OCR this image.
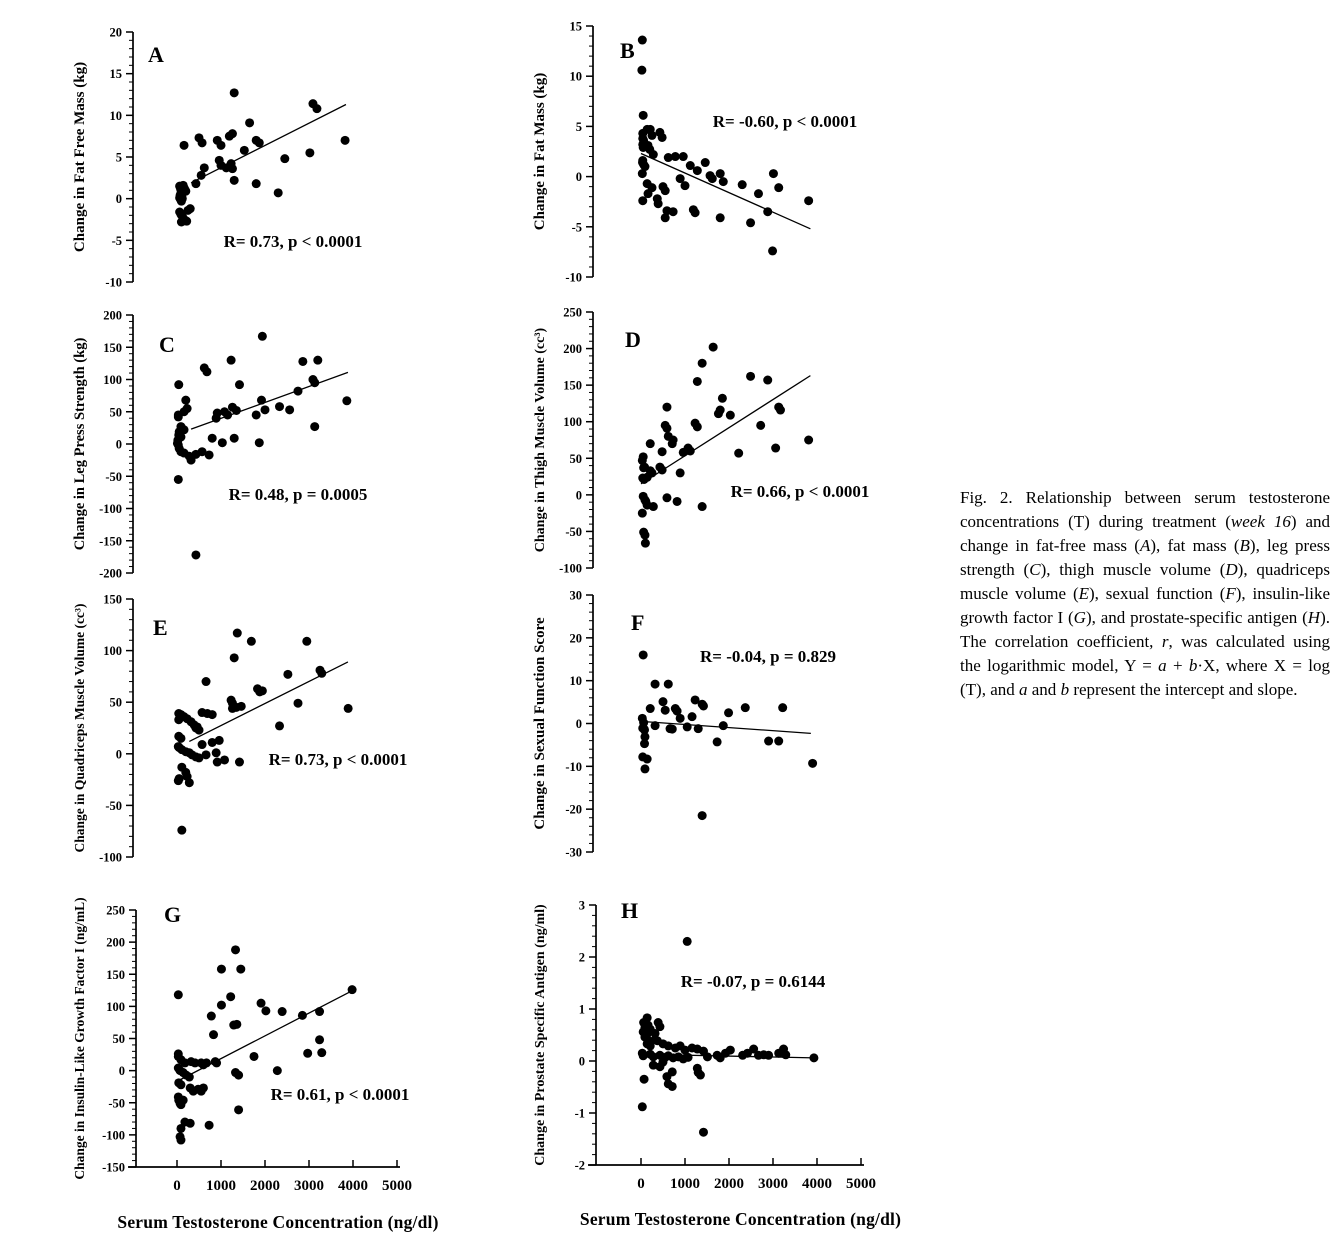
20
15
10
5
0
-5
-10
A
R= 0.73, p < 0.0001
Change in Fat Free Mass (kg)
15
10
5
0
-5
-10
B
R= -0.60, p < 0.0001
Change in Fat Mass (kg)
200
150
100
50
0
-50
-100
-150
-200
C
R= 0.48, p = 0.0005
Change in Leg Press Strength (kg)
250
200
150
100
50
0
-50
-100
D
R= 0.66, p < 0.0001
Change in Thigh Muscle Volume (cc³)
150
100
50
0
-50
-100
E
R= 0.73, p < 0.0001
Change in Quadriceps Muscle Volume (cc³)
30
20
10
0
-10
-20
-30
F
R= -0.04, p = 0.829
Change in Sexual Function Score
250
200
150
100
50
0
-50
-100
-150
0 1000 2000 3000 4000 5000
G
R= 0.61, p < 0.0001
Change in Insulin-Like Growth Factor I (ng/mL)	3
2
1
0
-1
-2
0 1000 2000 3000 4000 5000
H
R= -0.07, p = 0.6144
Change in Prostate Specific Antigen (ng/ml)
Serum Testosterone Concentration (ng/dl)	Serum Testosterone Concentration (ng/dl)
Fig. 2. Relationship between serum testosterone concentrations (T) during treatment (week 16) and change in fat-free mass (A), fat mass (B), leg press strength (C), thigh muscle volume (D), quadriceps muscle volume (E), sexual function (F), insulin-like growth factor I (G), and prostate-specific antigen (H). The correlation coefficient, r, was calculated using the logarithmic model, Y = a + b·X, where X = log (T), and a and b represent the intercept and slope.
